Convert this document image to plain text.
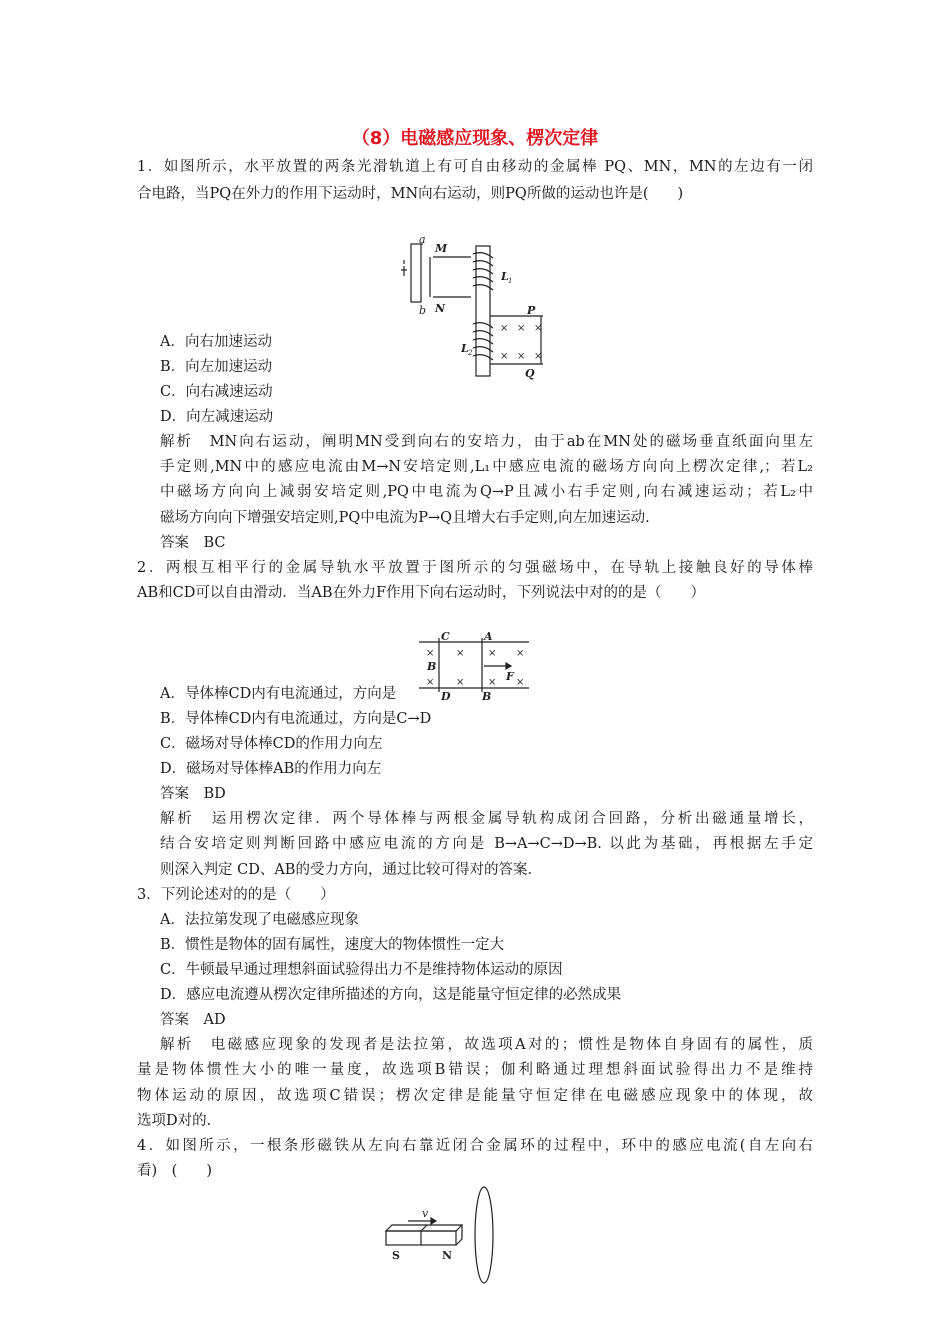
（8）电磁感应现象、楞次定律
1．如图所示，水平放置的两条光滑轨道上有可自由移动的金属棒 PQ、MN，MN的左边有一闭
合电路，当PQ在外力的作用下运动时，MN向右运动，则PQ所做的运动也许是(　　)
a
b
M
N
L 1
L 2
P
Q
× × ×
× × ×
A．向右加速运动
B．向左加速运动
C．向右减速运动
D．向左减速运动
解析　MN向右运动，阐明MN受到向右的安培力，由于ab在MN处的磁场垂直纸面向里左
手定则,MN中的感应电流由M→N安培定则,L₁中感应电流的磁场方向向上楞次定律,；若L₂
中磁场方向向上减弱安培定则,PQ中电流为Q→P且减小右手定则,向右减速运动；若L₂中
磁场方向向下增强安培定则,PQ中电流为P→Q且增大右手定则,向左加速运动.
答案　BC
2．两根互相平行的金属导轨水平放置于图所示的匀强磁场中，在导轨上接触良好的导体棒
AB和CD可以自由滑动．当AB在外力F作用下向右运动时，下列说法中对的的是（　　）
× × × ×
× × × ×
C	A
B
D	B
F
A．导体棒CD内有电流通过，方向是
B．导体棒CD内有电流通过，方向是C→D
C．磁场对导体棒CD的作用力向左
D．磁场对导体棒AB的作用力向左
答案　BD
解析　运用楞次定律．两个导体棒与两根金属导轨构成闭合回路，分析出磁通量增长，
结合安培定则判断回路中感应电流的方向是 B→A→C→D→B. 以此为基础，再根据左手定
则深入判定 CD、AB的受力方向，通过比较可得对的答案．
3．下列论述对的的是（　　）
A．法拉第发现了电磁感应现象
B．惯性是物体的固有属性，速度大的物体惯性一定大
C．牛顿最早通过理想斜面试验得出力不是维持物体运动的原因
D．感应电流遵从楞次定律所描述的方向，这是能量守恒定律的必然成果
答案　AD
解析　电磁感应现象的发现者是法拉第，故选项A对的；惯性是物体自身固有的属性，质
量是物体惯性大小的唯一量度，故选项B错误；伽利略通过理想斜面试验得出力不是维持
物体运动的原因，故选项C错误；楞次定律是能量守恒定律在电磁感应现象中的体现，故
选项D对的.
4．如图所示，一根条形磁铁从左向右靠近闭合金属环的过程中，环中的感应电流(自左向右
看)　(　　)
v
S	N
